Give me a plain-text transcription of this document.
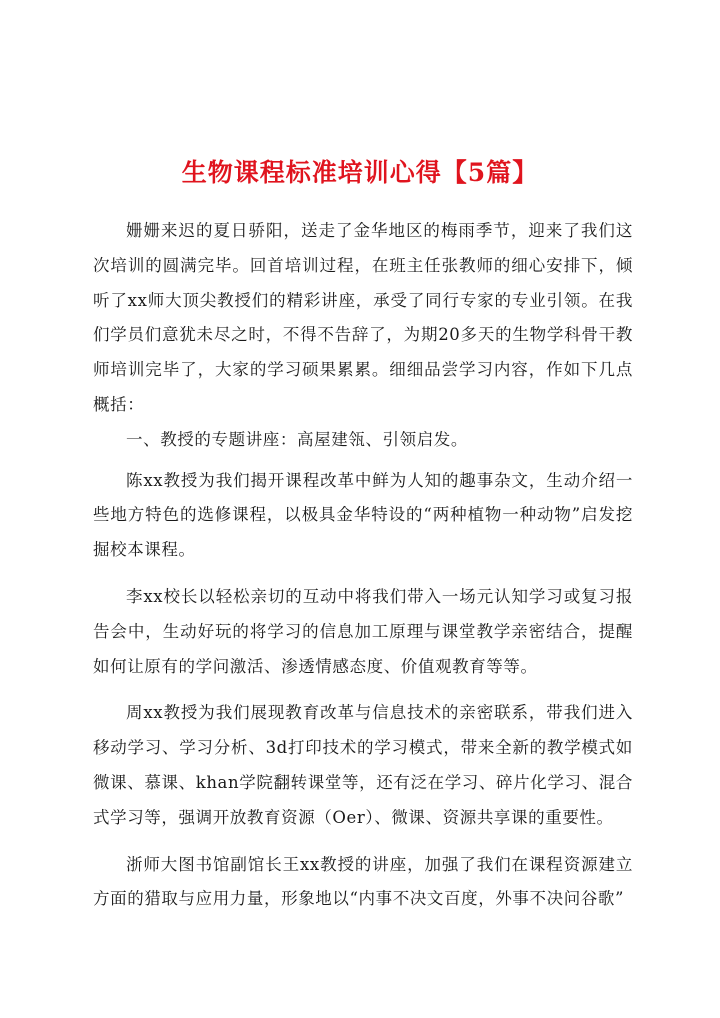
生物课程标准培训心得【5篇】

姗姗来迟的夏日骄阳，送走了金华地区的梅雨季节，迎来了我们这次培训的圆满完毕。回首培训过程，在班主任张教师的细心安排下，倾听了xx师大顶尖教授们的精彩讲座，承受了同行专家的专业引领。在我们学员们意犹未尽之时，不得不告辞了，为期20多天的生物学科骨干教师培训完毕了，大家的学习硕果累累。细细品尝学习内容，作如下几点概括：

一、教授的专题讲座：高屋建瓴、引领启发。

陈xx教授为我们揭开课程改革中鲜为人知的趣事杂文，生动介绍一些地方特色的选修课程，以极具金华特设的“两种植物一种动物”启发挖掘校本课程。

李xx校长以轻松亲切的互动中将我们带入一场元认知学习或复习报告会中，生动好玩的将学习的信息加工原理与课堂教学亲密结合，提醒如何让原有的学问激活、渗透情感态度、价值观教育等等。

周xx教授为我们展现教育改革与信息技术的亲密联系，带我们进入移动学习、学习分析、3d打印技术的学习模式，带来全新的教学模式如微课、慕课、khan学院翻转课堂等，还有泛在学习、碎片化学习、混合式学习等，强调开放教育资源（Oer）、微课、资源共享课的重要性。

浙师大图书馆副馆长王xx教授的讲座，加强了我们在课程资源建立方面的猎取与应用力量，形象地以“内事不决文百度，外事不决问谷歌”
